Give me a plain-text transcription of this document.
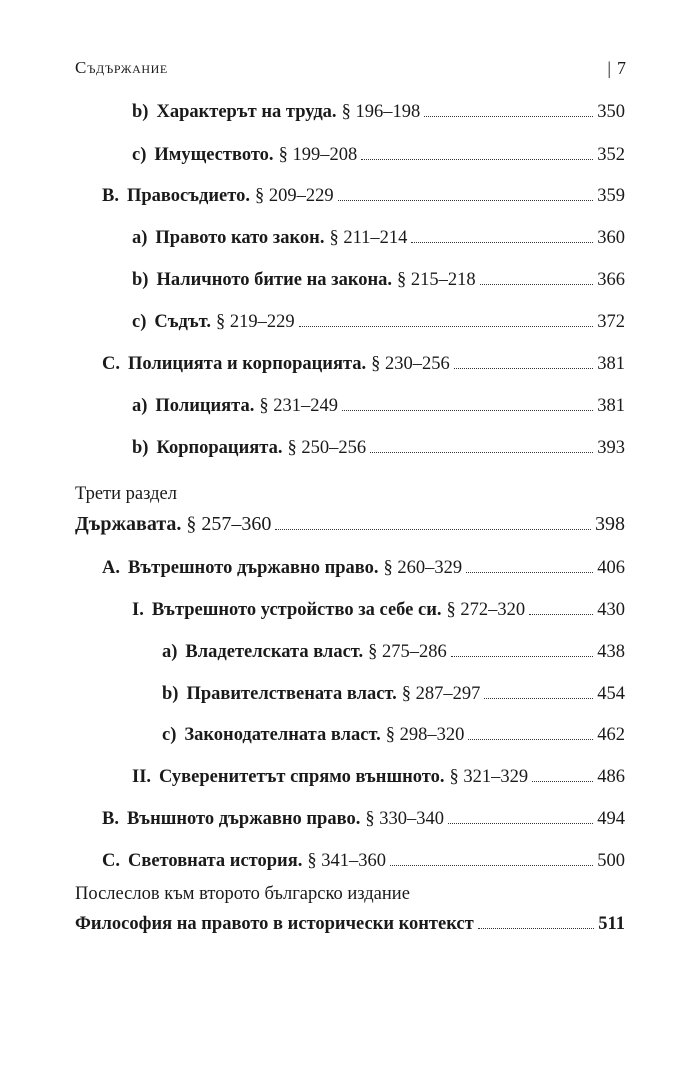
Съдържание	| 7
b) Характерът на труда. § 196–198	350
c) Имуществото. § 199–208	352
B. Правосъдието. § 209–229	359
a) Правото като закон. § 211–214	360
b) Наличното битие на закона. § 215–218	366
c) Съдът. § 219–229	372
C. Полицията и корпорацията. § 230–256	381
a) Полицията. § 231–249	381
b) Корпорацията. § 250–256	393
Трети раздел
Държавата. § 257–360	398
A. Вътрешното държавно право. § 260–329	406
I. Вътрешното устройство за себе си. § 272–320	430
a) Владетелската власт. § 275–286	438
b) Правителствената власт. § 287–297	454
c) Законодателната власт. § 298–320	462
II. Суверенитетът спрямо външното. § 321–329	486
B. Външното държавно право. § 330–340	494
C. Световната история. § 341–360	500
Послеслов към второто българско издание
Философия на правото в исторически контекст	511
